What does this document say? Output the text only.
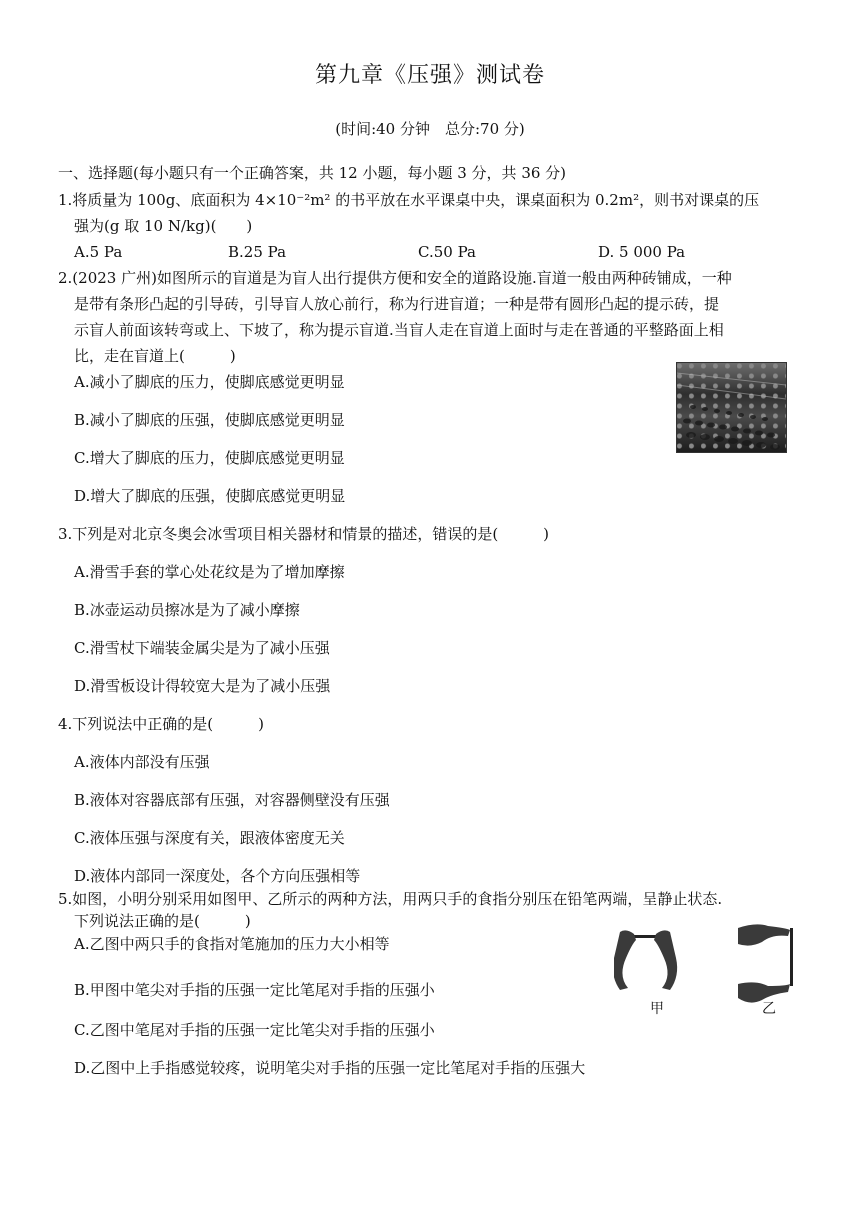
第九章《压强》测试卷
(时间:40 分钟　总分:70 分)
一、选择题(每小题只有一个正确答案，共 12 小题，每小题 3 分，共 36 分)
1.将质量为 100g、底面积为 4×10⁻²m² 的书平放在水平课桌中央，课桌面积为 0.2m²，则书对课桌的压
强为(g 取 10 N/kg)(　　)
A.5 Pa	B.25 Pa	C.50 Pa	D. 5 000 Pa
2.(2023 广州)如图所示的盲道是为盲人出行提供方便和安全的道路设施.盲道一般由两种砖铺成，一种
是带有条形凸起的引导砖，引导盲人放心前行，称为行进盲道；一种是带有圆形凸起的提示砖，提
示盲人前面该转弯或上、下坡了，称为提示盲道.当盲人走在盲道上面时与走在普通的平整路面上相
比，走在盲道上(　　　)
A.减小了脚底的压力，使脚底感觉更明显
B.减小了脚底的压强，使脚底感觉更明显
C.增大了脚底的压力，使脚底感觉更明显
D.增大了脚底的压强，使脚底感觉更明显
3.下列是对北京冬奥会冰雪项目相关器材和情景的描述，错误的是(　　　)
A.滑雪手套的掌心处花纹是为了增加摩擦
B.冰壶运动员擦冰是为了减小摩擦
C.滑雪杖下端装金属尖是为了减小压强
D.滑雪板设计得较宽大是为了减小压强
4.下列说法中正确的是(　　　)
A.液体内部没有压强
B.液体对容器底部有压强，对容器侧壁没有压强
C.液体压强与深度有关，跟液体密度无关
D.液体内部同一深度处，各个方向压强相等
5.如图，小明分别采用如图甲、乙所示的两种方法，用两只手的食指分别压在铅笔两端，呈静止状态.
下列说法正确的是(　　　)
A.乙图中两只手的食指对笔施加的压力大小相等
B.甲图中笔尖对手指的压强一定比笔尾对手指的压强小
C.乙图中笔尾对手指的压强一定比笔尖对手指的压强小
D.乙图中上手指感觉较疼，说明笔尖对手指的压强一定比笔尾对手指的压强大
甲	乙
